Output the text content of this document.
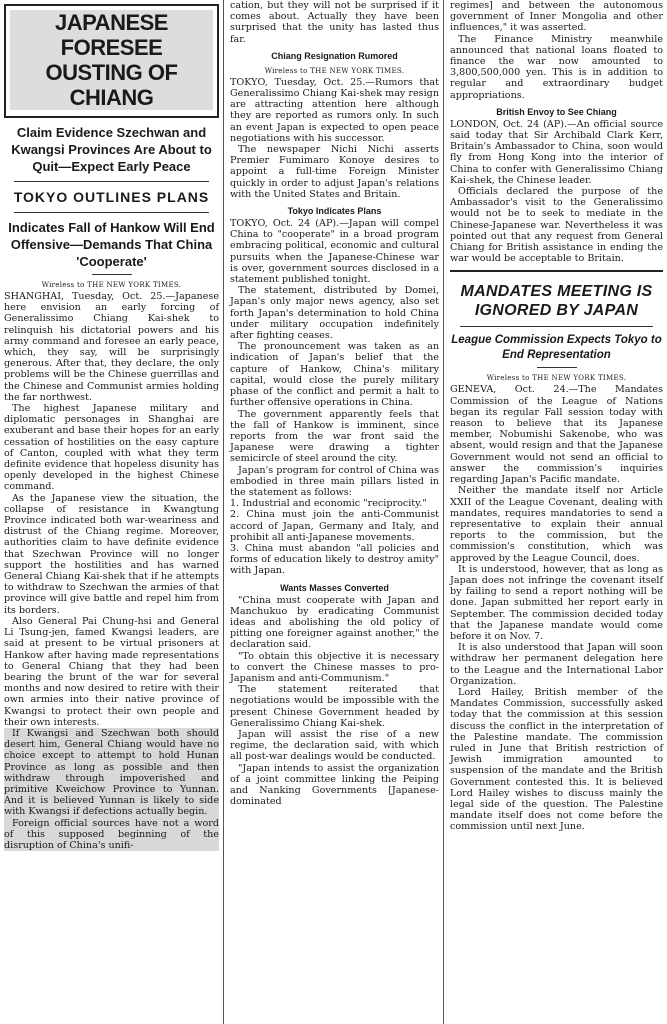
JAPANESE FORESEE OUSTING OF CHIANG
Claim Evidence Szechwan and Kwangsi Provinces Are About to Quit—Expect Early Peace
TOKYO OUTLINES PLANS
Indicates Fall of Hankow Will End Offensive—Demands That China 'Cooperate'
Wireless to THE NEW YORK TIMES.

SHANGHAI, Tuesday, Oct. 25.—Japanese here envision an early forcing of Generalissimo Chiang Kai-shek to relinquish his dictatorial powers and his army command and foresee an early peace, which, they say, will be surprisingly generous. After that, they declare, the only problems will be the Chinese guerrillas and the Chinese and Communist armies holding the far northwest.

The highest Japanese military and diplomatic personages in Shanghai are exuberant and base their hopes for an early cessation of hostilities on the easy capture of Canton, coupled with what they term definite evidence that hopeless disunity has openly developed in the highest Chinese command.

As the Japanese view the situation, the collapse of resistance in Kwangtung Province indicated both war-weariness and distrust of the Chiang regime. Moreover, authorities claim to have definite evidence that Szechwan Province will no longer support the hostilities and has warned General Chiang Kai-shek that if he attempts to withdraw to Szechwan the armies of that province will give battle and repel him from its borders.

Also General Pai Chung-hsi and General Li Tsung-jen, famed Kwangsi leaders, are said at present to be virtual prisoners at Hankow after having made representations to General Chiang that they had been bearing the brunt of the war for several months and now desired to retire with their own armies into their native province of Kwangsi to protect their own people and their own interests.

If Kwangsi and Szechwan both should desert him, General Chiang would have no choice except to attempt to hold Hunan Province as long as possible and then withdraw through impoverished and primitive Kweichow Province to Yunnan. And it is believed Yunnan is likely to side with Kwangsi if defections actually begin.

Foreign official sources have not a word of this supposed beginning of the disruption of China's unifi-

cation, but they will not be surprised if it comes about. Actually they have been surprised that the unity has lasted thus far.

Chiang Resignation Rumored
Wireless to THE NEW YORK TIMES.

TOKYO, Tuesday, Oct. 25.—Rumors that Generalissimo Chiang Kai-shek may resign are attracting attention here although they are reported as rumors only. In such an event Japan is expected to open peace negotiations with his successor.

The newspaper Nichi Nichi asserts Premier Fumimaro Konoye desires to appoint a full-time Foreign Minister quickly in order to adjust Japan's relations with the United States and Britain.

Tokyo Indicates Plans

TOKYO, Oct. 24 (AP).—Japan will compel China to "cooperate" in a broad program embracing political, economic and cultural pursuits when the Japanese-Chinese war is over, government sources disclosed in a statement published tonight.

The statement, distributed by Domei, Japan's only major news agency, also set forth Japan's determination to hold China under military occupation indefinitely after fighting ceases.

The pronouncement was taken as an indication of Japan's belief that the capture of Hankow, China's military capital, would close the purely military phase of the conflict and permit a halt to further offensive operations in China.

The government apparently feels that the fall of Hankow is imminent, since reports from the war front said the Japanese were drawing a tighter semicircle of steel around the city.

Japan's program for control of China was embodied in three main pillars listed in the statement as follows:

1. Industrial and economic "reciprocity."

2. China must join the anti-Communist accord of Japan, Germany and Italy, and prohibit all anti-Japanese movements.

3. China must abandon "all policies and forms of education likely to destroy amity" with Japan.

Wants Masses Converted

"China must cooperate with Japan and Manchukuo by eradicating Communist ideas and abolishing the old policy of pitting one foreigner against another," the declaration said.

"To obtain this objective it is necessary to convert the Chinese masses to pro-Japanism and anti-Communism."

The statement reiterated that negotiations would be impossible with the present Chinese Government headed by Generalissimo Chiang Kai-shek.

Japan will assist the rise of a new regime, the declaration said, with which all post-war dealings would be conducted.

"Japan intends to assist the organization of a joint committee linking the Peiping and Nanking Governments [Japanese-dominated

regimes] and between the autonomous government of Inner Mongolia and other influences," it was asserted.

The Finance Ministry meanwhile announced that national loans floated to finance the war now amounted to 3,800,500,000 yen. This is in addition to regular and extraordinary budget appropriations.

British Envoy to See Chiang

LONDON, Oct. 24 (AP).—An official source said today that Sir Archibald Clark Kerr, Britain's Ambassador to China, soon would fly from Hong Kong into the interior of China to confer with Generalissimo Chiang Kai-shek, the Chinese leader.

Officials declared the purpose of the Ambassador's visit to the Generalissimo would not be to seek to mediate in the Chinese-Japanese war. Nevertheless it was pointed out that any request from General Chiang for British assistance in ending the war would be acceptable to Britain.

MANDATES MEETING IS IGNORED BY JAPAN
League Commission Expects Tokyo to End Representation
Wireless to THE NEW YORK TIMES.

GENEVA, Oct. 24.—The Mandates Commission of the League of Nations began its regular Fall session today with reason to believe that its Japanese member, Nobumishi Sakenobe, who was absent, would resign and that the Japanese Government would not send an official to answer the commission's inquiries regarding Japan's Pacific mandate.

Neither the mandate itself nor Article XXII of the League Covenant, dealing with mandates, requires mandatories to send a representative to explain their annual reports to the commission, but the commission's constitution, which was approved by the League Council, does.

It is understood, however, that as long as Japan does not infringe the covenant itself by failing to send a report nothing will be done. Japan submitted her report early in September. The commission decided today that the Japanese mandate would come before it on Nov. 7.

It is also understood that Japan will soon withdraw her permanent delegation here to the League and the International Labor Organization.

Lord Hailey, British member of the Mandates Commission, successfully asked today that the commission at this session discuss the conflict in the interpretation of the Palestine mandate. The commission ruled in June that British restriction of Jewish immigration amounted to suspension of the mandate and the British Government contested this. It is believed Lord Hailey wishes to discuss mainly the legal side of the question. The Palestine mandate itself does not come before the commission until next June.
